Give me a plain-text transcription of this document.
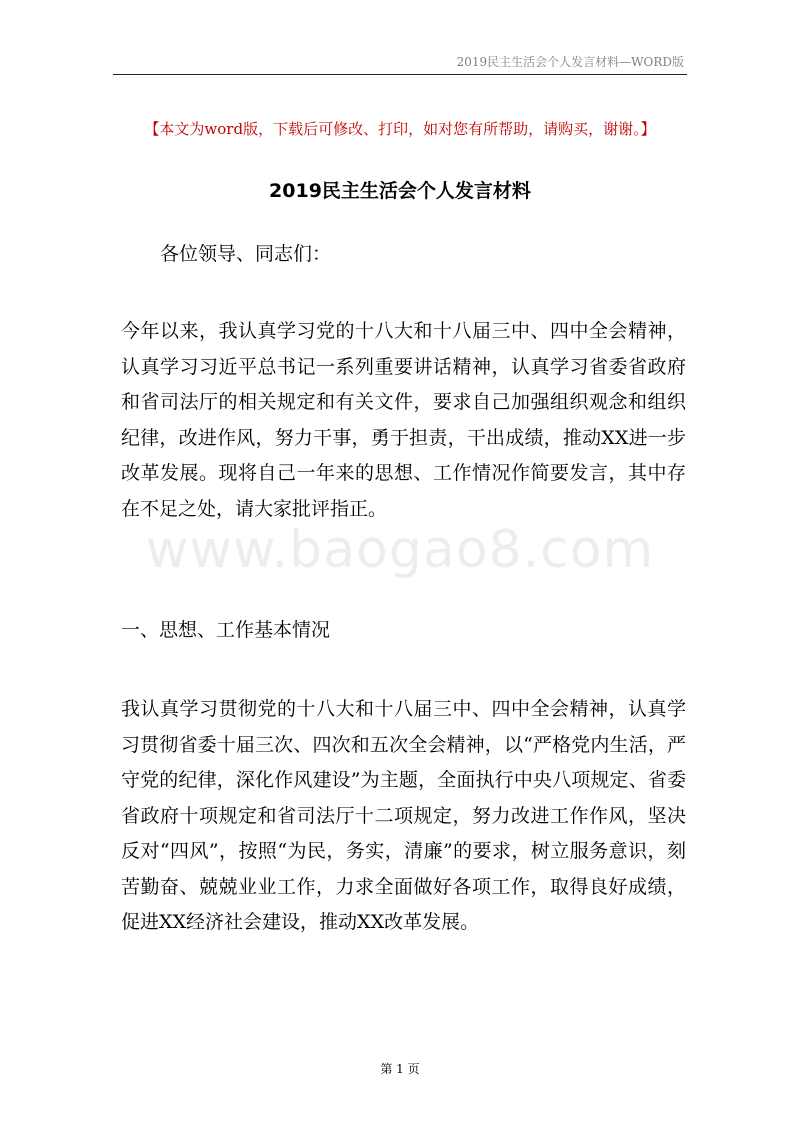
2019民主生活会个人发言材料—WORD版
【本文为word版，下载后可修改、打印，如对您有所帮助，请购买，谢谢。】
2019民主生活会个人发言材料
各位领导、同志们：
今年以来，我认真学习党的十八大和十八届三中、四中全会精神，认真学习习近平总书记一系列重要讲话精神，认真学习省委省政府和省司法厅的相关规定和有关文件，要求自己加强组织观念和组织纪律，改进作风，努力干事，勇于担责，干出成绩，推动XX进一步改革发展。现将自己一年来的思想、工作情况作简要发言，其中存在不足之处，请大家批评指正。
一、思想、工作基本情况
我认真学习贯彻党的十八大和十八届三中、四中全会精神，认真学习贯彻省委十届三次、四次和五次全会精神，以“严格党内生活，严守党的纪律，深化作风建设”为主题，全面执行中央八项规定、省委省政府十项规定和省司法厅十二项规定，努力改进工作作风，坚决反对“四风”，按照“为民，务实，清廉”的要求，树立服务意识，刻苦勤奋、兢兢业业工作，力求全面做好各项工作，取得良好成绩，促进XX经济社会建设，推动XX改革发展。
www.baogao8.com
第 1 页
